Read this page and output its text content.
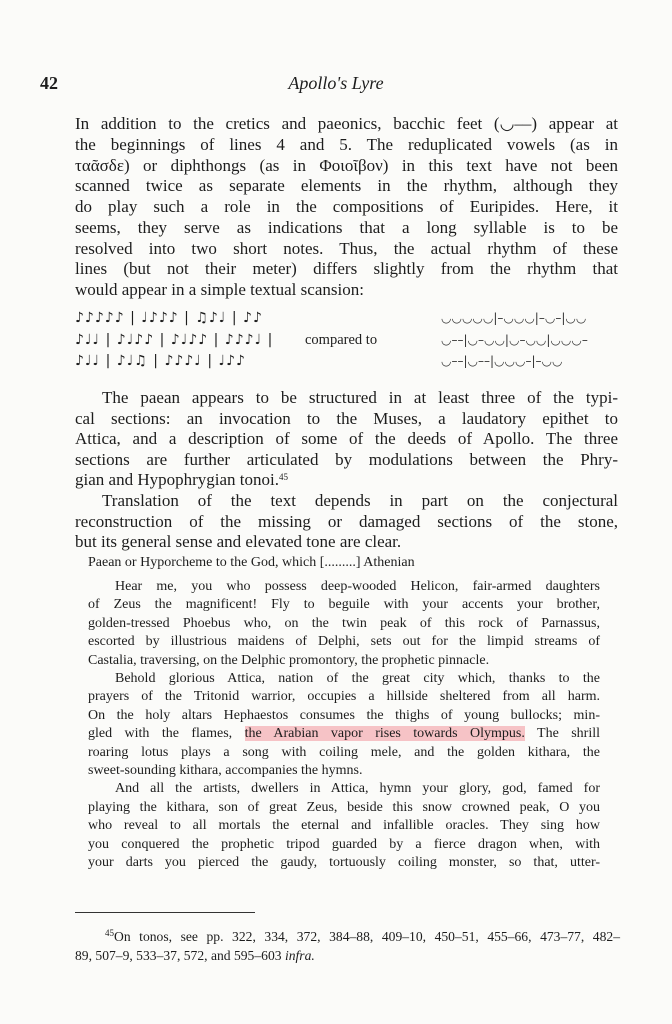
42	Apollo's Lyre
In addition to the cretics and paeonics, bacchic feet (◡––) appear at
the beginnings of lines 4 and 5. The reduplicated vowels (as in
ταᾶσδε) or diphthongs (as in Φοιοῖβον) in this text have not been
scanned twice as separate elements in the rhythm, although they
do play such a role in the compositions of Euripides. Here, it
seems, they serve as indications that a long syllable is to be
resolved into two short notes. Thus, the actual rhythm of these
lines (but not their meter) differs slightly from the rhythm that
would appear in a simple textual scansion:
♪♪♪♪♪ | ♩♪♪♪ | ♫♪♩ | ♪♪	◡◡◡◡◡|–◡◡◡|–◡–|◡◡
♪♩♩ | ♪♩♪♪ | ♪♩♪♪ | ♪♪♪♩ | compared to	◡––|◡–◡◡|◡–◡◡|◡◡◡–
♪♩♩ | ♪♩♫ | ♪♪♪♩ | ♩♪♪	◡––|◡––|◡◡◡–|–◡◡
The paean appears to be structured in at least three of the typi-
cal sections: an invocation to the Muses, a laudatory epithet to
Attica, and a description of some of the deeds of Apollo. The three
sections are further articulated by modulations between the Phry-
gian and Hypophrygian tonoi.$^{45}$
Translation of the text depends in part on the conjectural
reconstruction of the missing or damaged sections of the stone,
but its general sense and elevated tone are clear.
Paean or Hyporcheme to the God, which [.........] Athenian
Hear me, you who possess deep-wooded Helicon, fair-armed daughters
of Zeus the magnificent! Fly to beguile with your accents your brother,
golden-tressed Phoebus who, on the twin peak of this rock of Parnassus,
escorted by illustrious maidens of Delphi, sets out for the limpid streams of
Castalia, traversing, on the Delphic promontory, the prophetic pinnacle.
Behold glorious Attica, nation of the great city which, thanks to the
prayers of the Tritonid warrior, occupies a hillside sheltered from all harm.
On the holy altars Hephaestos consumes the thighs of young bullocks; min-
gled with the flames, the Arabian vapor rises towards Olympus. The shrill
roaring lotus plays a song with coiling mele, and the golden kithara, the
sweet-sounding kithara, accompanies the hymns.
And all the artists, dwellers in Attica, hymn your glory, god, famed for
playing the kithara, son of great Zeus, beside this snow crowned peak, O you
who reveal to all mortals the eternal and infallible oracles. They sing how
you conquered the prophetic tripod guarded by a fierce dragon when, with
your darts you pierced the gaudy, tortuously coiling monster, so that, utter-
$^{45}$On tonos, see pp. 322, 334, 372, 384–88, 409–10, 450–51, 455–66, 473–77, 482–
89, 507–9, 533–37, 572, and 595–603 infra.
